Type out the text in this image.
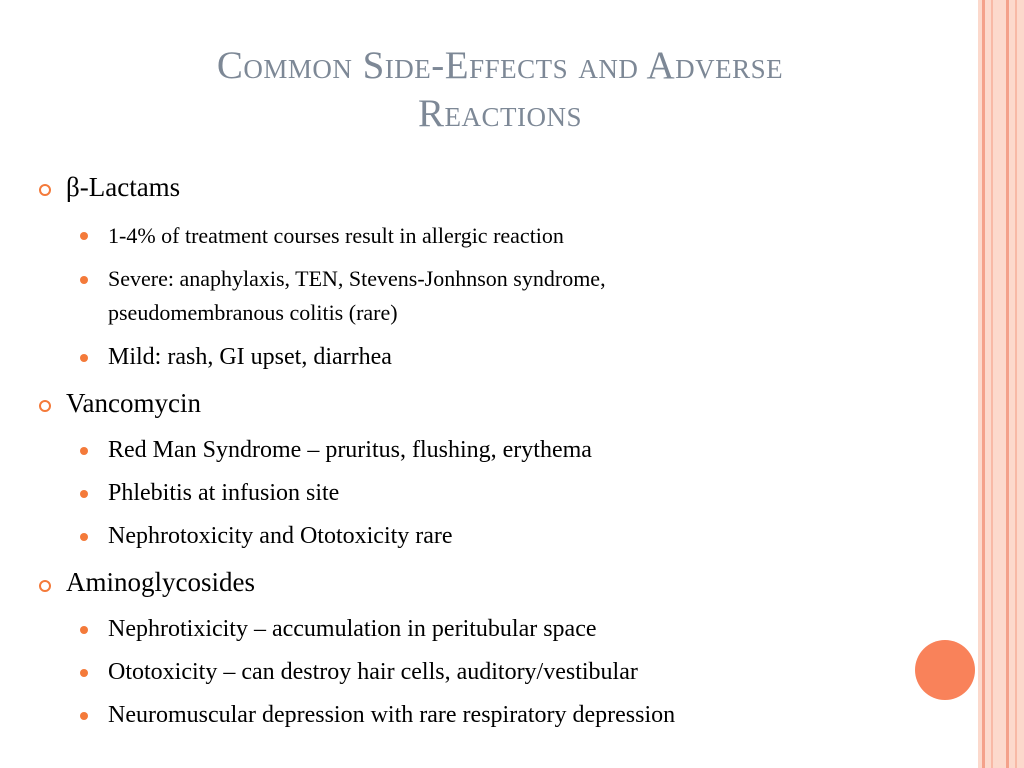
Common Side-Effects and Adverse
Reactions
β-Lactams
1-4% of treatment courses result in allergic reaction
Severe: anaphylaxis, TEN, Stevens-Jonhnson syndrome,
pseudomembranous colitis (rare)
Mild: rash, GI upset, diarrhea
Vancomycin
Red Man Syndrome – pruritus, flushing, erythema
Phlebitis at infusion site
Nephrotoxicity and Ototoxicity rare
Aminoglycosides
Nephrotixicity – accumulation in peritubular space
Ototoxicity – can destroy hair cells, auditory/vestibular
Neuromuscular depression with rare respiratory depression
